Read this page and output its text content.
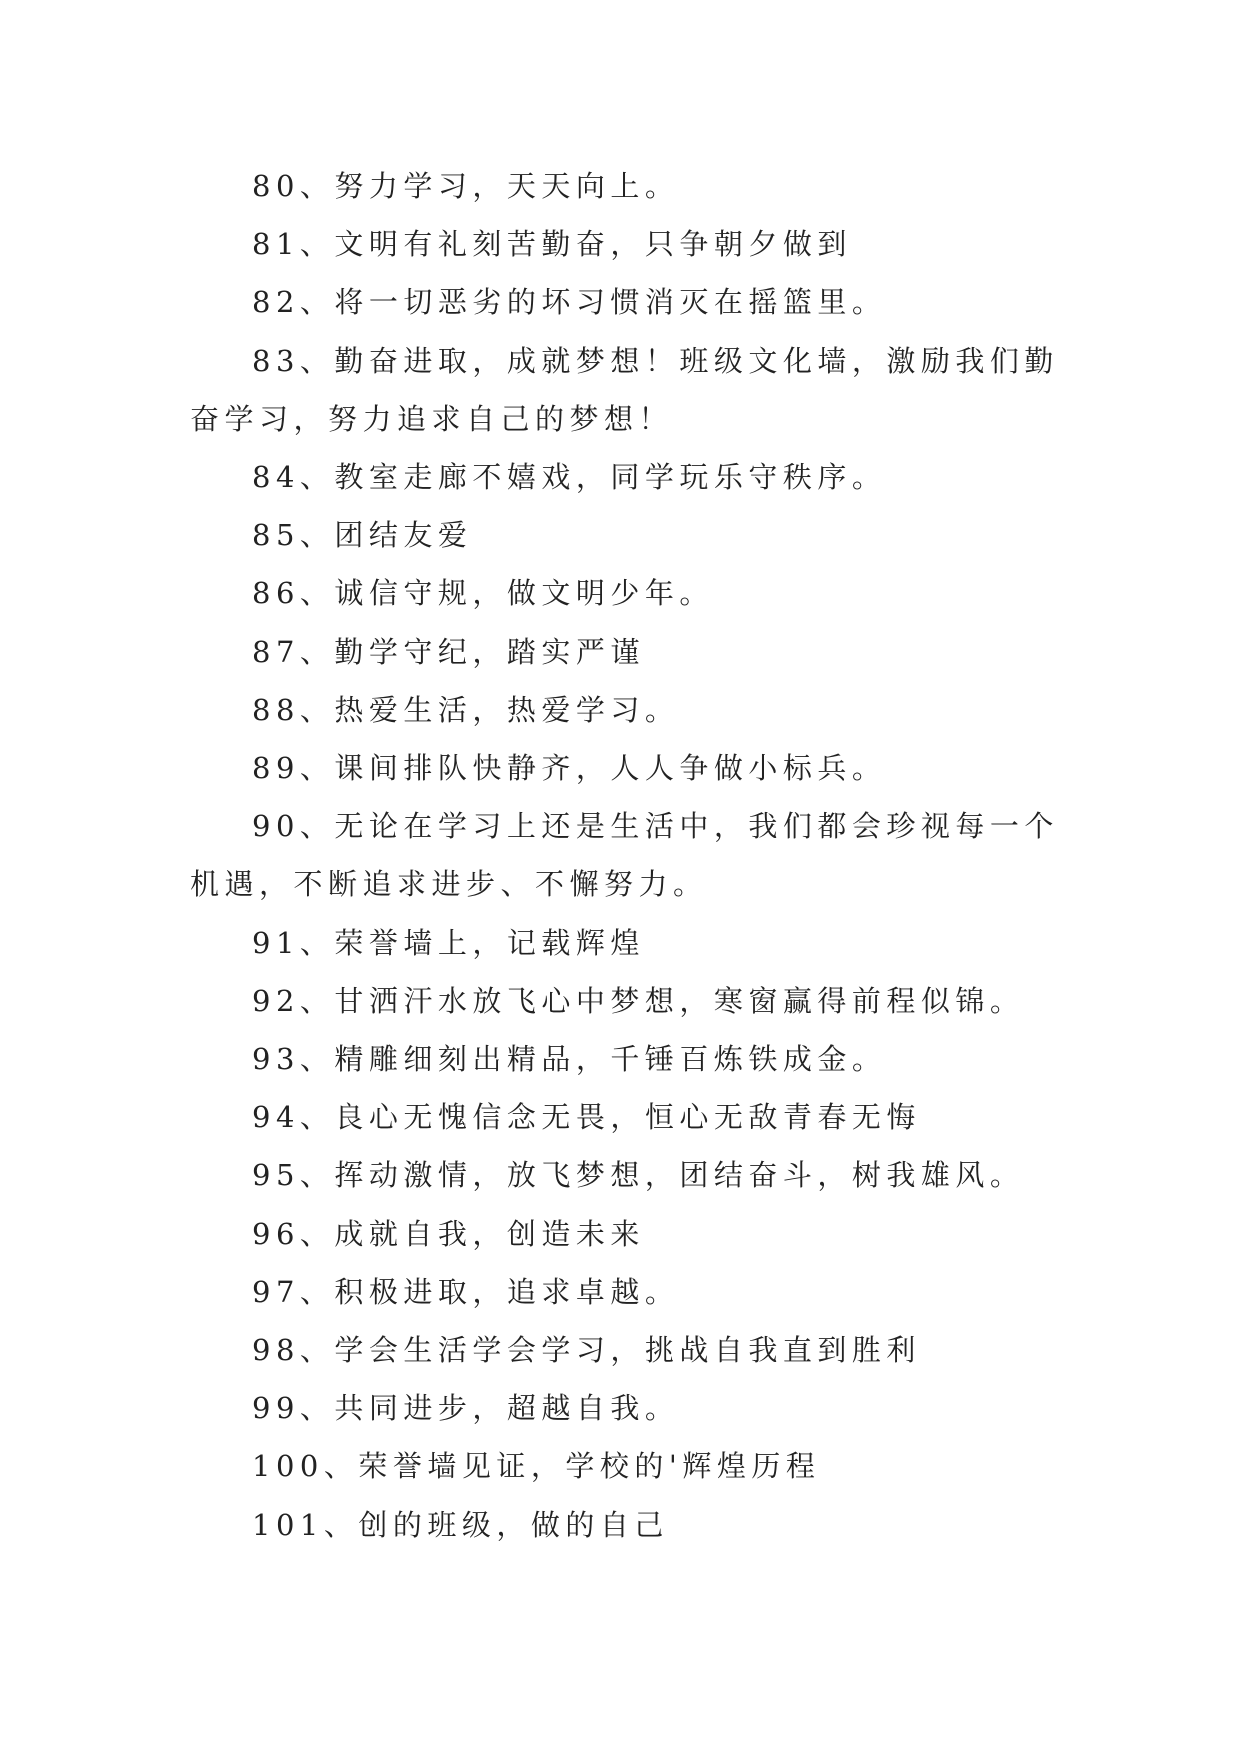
80、努力学习，天天向上。

81、文明有礼刻苦勤奋，只争朝夕做到

82、将一切恶劣的坏习惯消灭在摇篮里。

83、勤奋进取，成就梦想！班级文化墙，激励我们勤奋学习，努力追求自己的梦想！

84、教室走廊不嬉戏，同学玩乐守秩序。

85、团结友爱

86、诚信守规，做文明少年。

87、勤学守纪，踏实严谨

88、热爱生活，热爱学习。

89、课间排队快静齐，人人争做小标兵。

90、无论在学习上还是生活中，我们都会珍视每一个机遇，不断追求进步、不懈努力。

91、荣誉墙上，记载辉煌

92、甘洒汗水放飞心中梦想，寒窗赢得前程似锦。

93、精雕细刻出精品，千锤百炼铁成金。

94、良心无愧信念无畏，恒心无敌青春无悔

95、挥动激情，放飞梦想，团结奋斗，树我雄风。

96、成就自我，创造未来

97、积极进取，追求卓越。

98、学会生活学会学习，挑战自我直到胜利

99、共同进步，超越自我。

100、荣誉墙见证，学校的'辉煌历程

101、创的班级，做的自己
